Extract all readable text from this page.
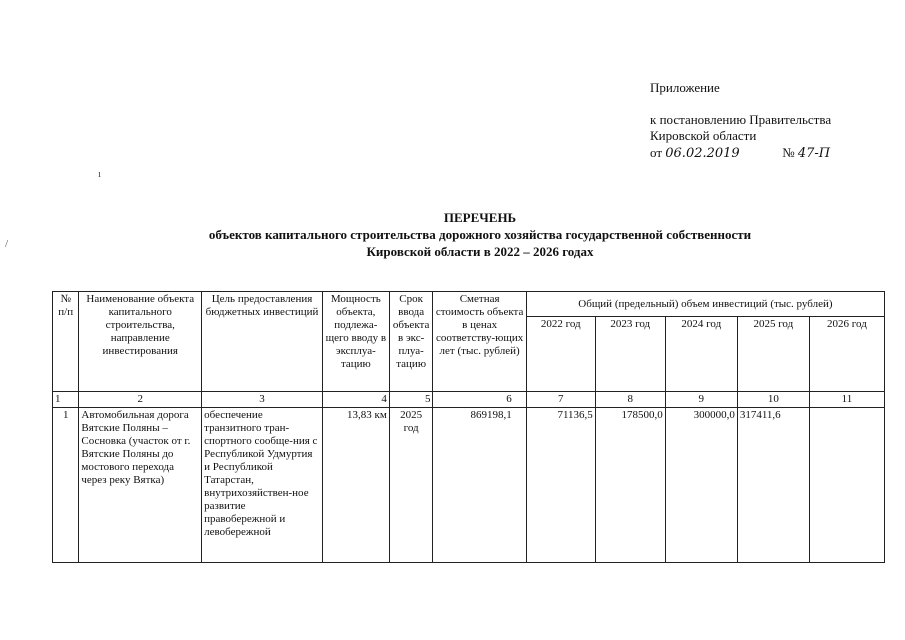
Приложение
к постановлению Правительства
Кировской области
от 06.02.2019	№ 47-П
ı
/
ПЕРЕЧЕНЬ
объектов капитального строительства дорожного хозяйства государственной собственности
Кировской области в 2022 – 2026 годах
№ п/п	Наименование объекта капитального строительства, направление инвестирования	Цель предоставления бюджетных инвестиций	Мощность объекта, подлежа-щего вводу в эксплуа-тацию	Срок ввода объекта в экс-плуа-тацию	Сметная стоимость объекта в ценах соответству-ющих лет (тыс. рублей)	Общий (предельный) объем инвестиций (тыс. рублей)				
						2022 год	2023 год	2024 год	2025 год	2026 год
1	2	3	4	5	6	7	8	9	10	11
1	Автомобильная дорога Вятские Поляны – Сосновка (участок от г. Вятские Поляны до мостового перехода через реку Вятка)	обеспечение транзитного тран-спортного сообще-ния с Республикой Удмуртия и Республикой Татарстан, внутрихозяйствен-ное развитие правобережной и левобережной	13,83 км	2025 год	869198,1	71136,5	178500,0	300000,0	317411,6	
